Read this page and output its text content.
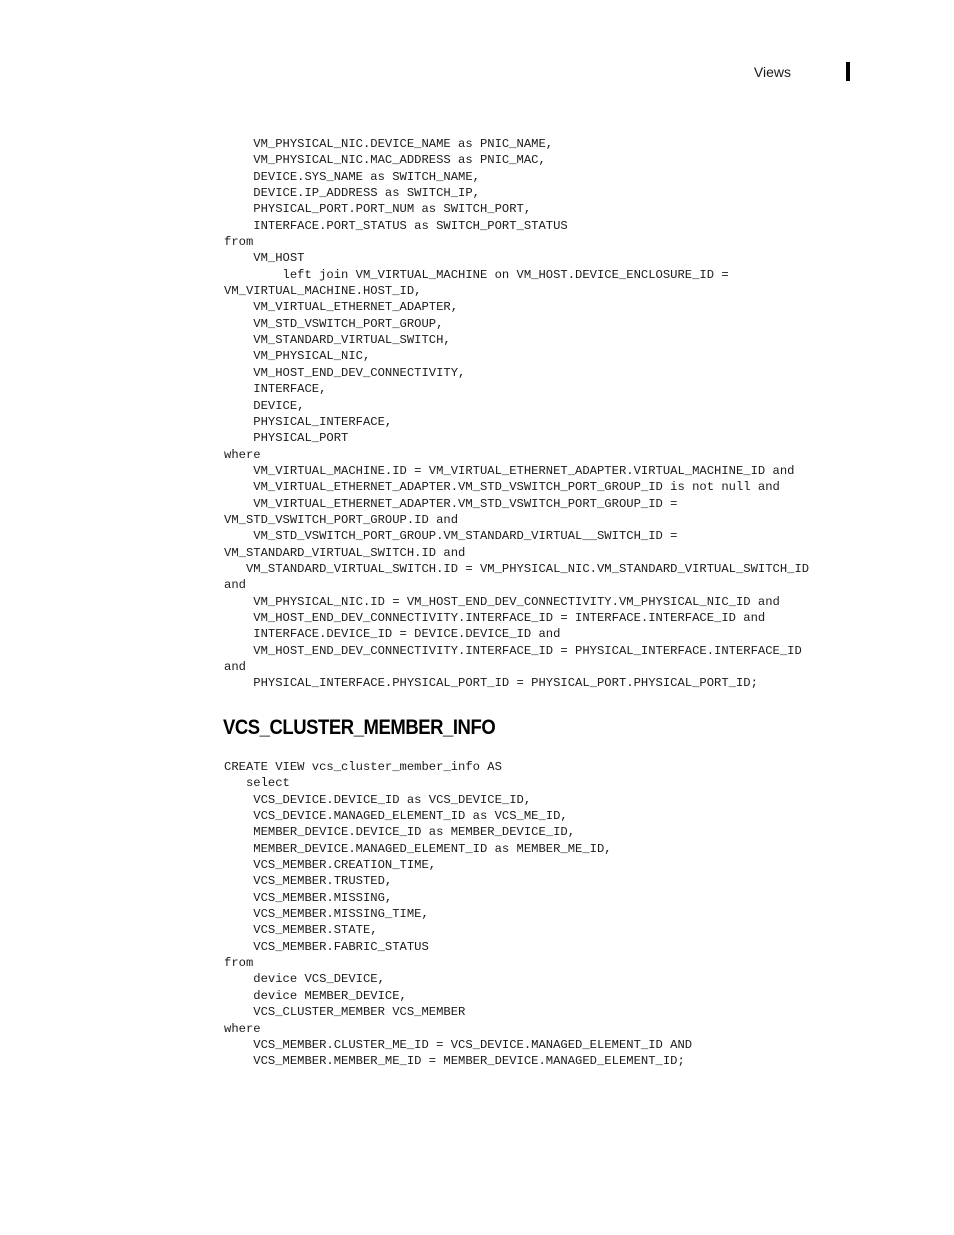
Views
VM_PHYSICAL_NIC.DEVICE_NAME as PNIC_NAME,
VM_PHYSICAL_NIC.MAC_ADDRESS as PNIC_MAC,
DEVICE.SYS_NAME as SWITCH_NAME,
DEVICE.IP_ADDRESS as SWITCH_IP,
PHYSICAL_PORT.PORT_NUM as SWITCH_PORT,
INTERFACE.PORT_STATUS as SWITCH_PORT_STATUS
from
VM_HOST
left join VM_VIRTUAL_MACHINE on VM_HOST.DEVICE_ENCLOSURE_ID =
VM_VIRTUAL_MACHINE.HOST_ID,
VM_VIRTUAL_ETHERNET_ADAPTER,
VM_STD_VSWITCH_PORT_GROUP,
VM_STANDARD_VIRTUAL_SWITCH,
VM_PHYSICAL_NIC,
VM_HOST_END_DEV_CONNECTIVITY,
INTERFACE,
DEVICE,
PHYSICAL_INTERFACE,
PHYSICAL_PORT
where
VM_VIRTUAL_MACHINE.ID = VM_VIRTUAL_ETHERNET_ADAPTER.VIRTUAL_MACHINE_ID and
VM_VIRTUAL_ETHERNET_ADAPTER.VM_STD_VSWITCH_PORT_GROUP_ID is not null and
VM_VIRTUAL_ETHERNET_ADAPTER.VM_STD_VSWITCH_PORT_GROUP_ID =
VM_STD_VSWITCH_PORT_GROUP.ID and
VM_STD_VSWITCH_PORT_GROUP.VM_STANDARD_VIRTUAL__SWITCH_ID =
VM_STANDARD_VIRTUAL_SWITCH.ID and
VM_STANDARD_VIRTUAL_SWITCH.ID = VM_PHYSICAL_NIC.VM_STANDARD_VIRTUAL_SWITCH_ID
and
VM_PHYSICAL_NIC.ID = VM_HOST_END_DEV_CONNECTIVITY.VM_PHYSICAL_NIC_ID and
VM_HOST_END_DEV_CONNECTIVITY.INTERFACE_ID = INTERFACE.INTERFACE_ID and
INTERFACE.DEVICE_ID = DEVICE.DEVICE_ID and
VM_HOST_END_DEV_CONNECTIVITY.INTERFACE_ID = PHYSICAL_INTERFACE.INTERFACE_ID
and
PHYSICAL_INTERFACE.PHYSICAL_PORT_ID = PHYSICAL_PORT.PHYSICAL_PORT_ID;
VCS_CLUSTER_MEMBER_INFO
CREATE VIEW vcs_cluster_member_info AS
select
VCS_DEVICE.DEVICE_ID as VCS_DEVICE_ID,
VCS_DEVICE.MANAGED_ELEMENT_ID as VCS_ME_ID,
MEMBER_DEVICE.DEVICE_ID as MEMBER_DEVICE_ID,
MEMBER_DEVICE.MANAGED_ELEMENT_ID as MEMBER_ME_ID,
VCS_MEMBER.CREATION_TIME,
VCS_MEMBER.TRUSTED,
VCS_MEMBER.MISSING,
VCS_MEMBER.MISSING_TIME,
VCS_MEMBER.STATE,
VCS_MEMBER.FABRIC_STATUS
from
device VCS_DEVICE,
device MEMBER_DEVICE,
VCS_CLUSTER_MEMBER VCS_MEMBER
where
VCS_MEMBER.CLUSTER_ME_ID = VCS_DEVICE.MANAGED_ELEMENT_ID AND
VCS_MEMBER.MEMBER_ME_ID = MEMBER_DEVICE.MANAGED_ELEMENT_ID;
